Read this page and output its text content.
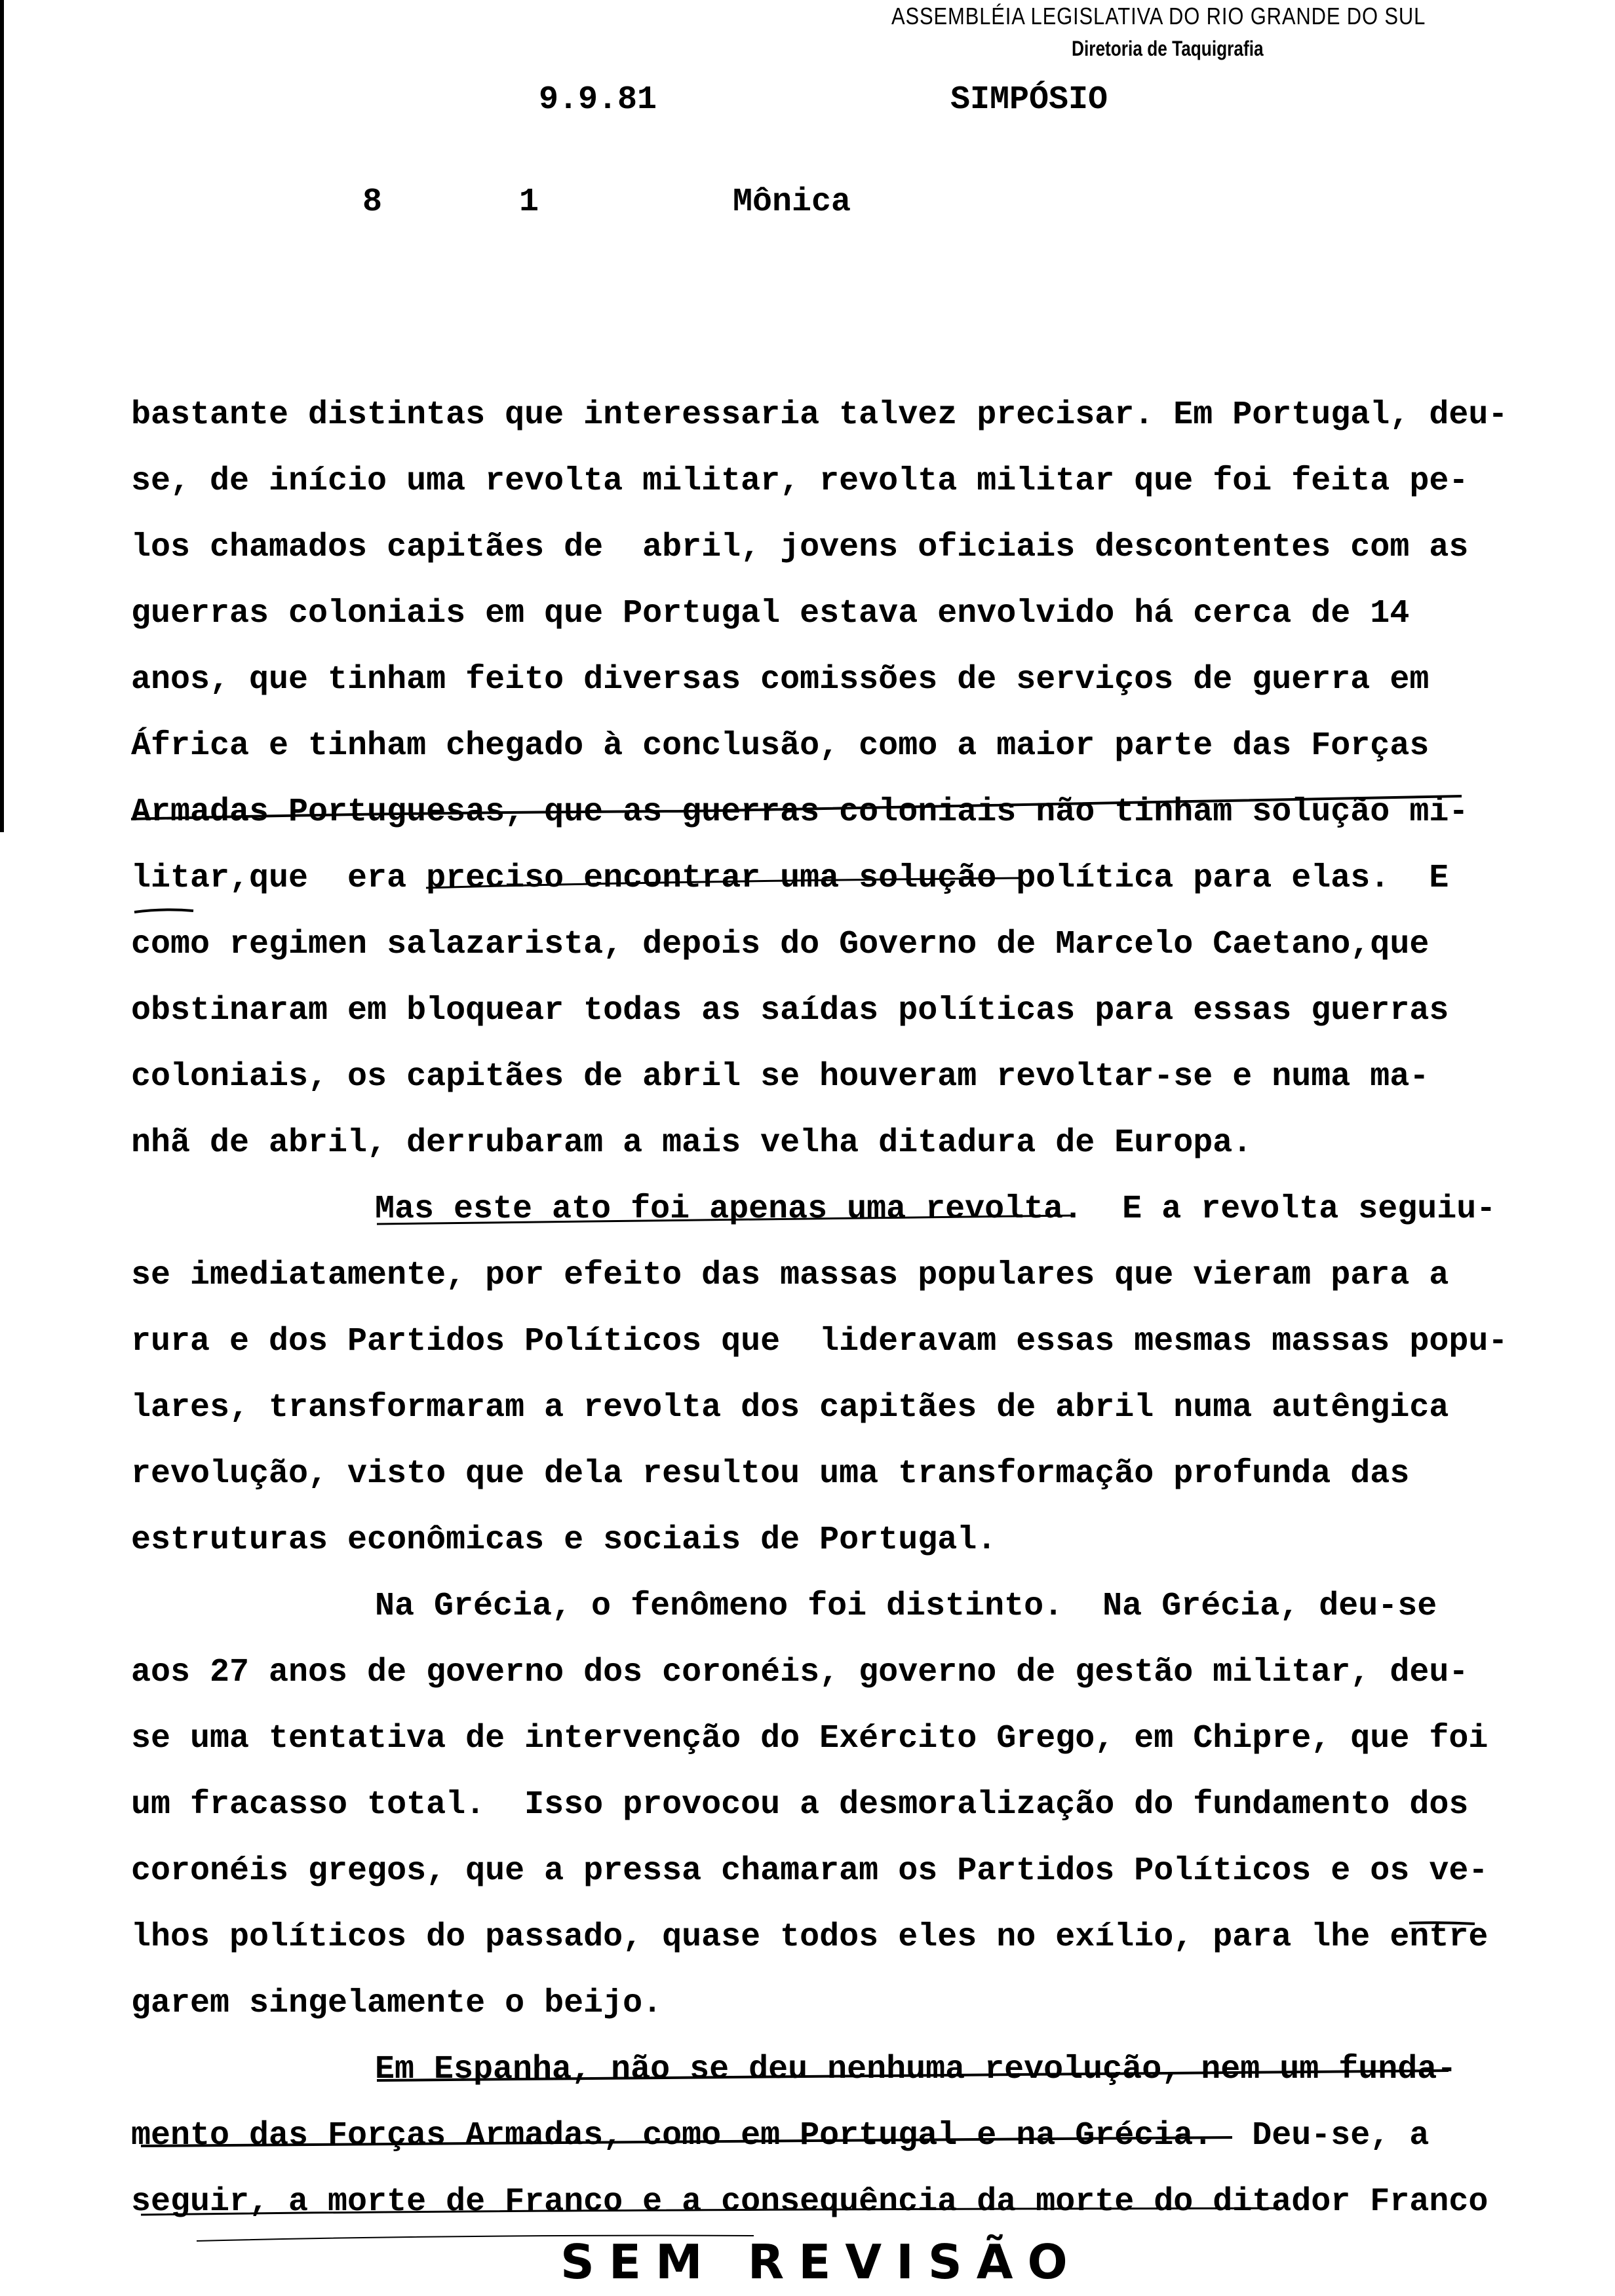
ASSEMBLÉIA LEGISLATIVA DO RIO GRANDE DO SUL
Diretoria de Taquigrafia
9.9.81	SIMPÓSIO
8	1	Mônica
bastante distintas que interessaria talvez precisar. Em Portugal, deu-
se, de início uma revolta militar, revolta militar que foi feita pe-
los chamados capitães de  abril, jovens oficiais descontentes com as
guerras coloniais em que Portugal estava envolvido há cerca de 14
anos, que tinham feito diversas comissões de serviços de guerra em
África e tinham chegado à conclusão, como a maior parte das Forças
Armadas Portuguesas, que as guerras coloniais não tinham solução mi-
litar,que  era preciso encontrar uma solução política para elas.  E
como regimen salazarista, depois do Governo de Marcelo Caetano,que
obstinaram em bloquear todas as saídas políticas para essas guerras
coloniais, os capitães de abril se houveram revoltar-se e numa ma-
nhã de abril, derrubaram a mais velha ditadura de Europa.
Mas este ato foi apenas uma revolta.  E a revolta seguiu-
se imediatamente, por efeito das massas populares que vieram para a
rura e dos Partidos Políticos que  lideravam essas mesmas massas popu-
lares, transformaram a revolta dos capitães de abril numa autêngica
revolução, visto que dela resultou uma transformação profunda das
estruturas econômicas e sociais de Portugal.
Na Grécia, o fenômeno foi distinto.  Na Grécia, deu-se
aos 27 anos de governo dos coronéis, governo de gestão militar, deu-
se uma tentativa de intervenção do Exército Grego, em Chipre, que foi
um fracasso total.  Isso provocou a desmoralização do fundamento dos
coronéis gregos, que a pressa chamaram os Partidos Políticos e os ve-
lhos políticos do passado, quase todos eles no exílio, para lhe entre
garem singelamente o beijo.
Em Espanha, não se deu nenhuma revolução, nem um funda-
mento das Forças Armadas, como em Portugal e na Grécia.  Deu-se, a
seguir, a morte de Franco e a consequência da morte do ditador Franco
SEM REVISÃO
